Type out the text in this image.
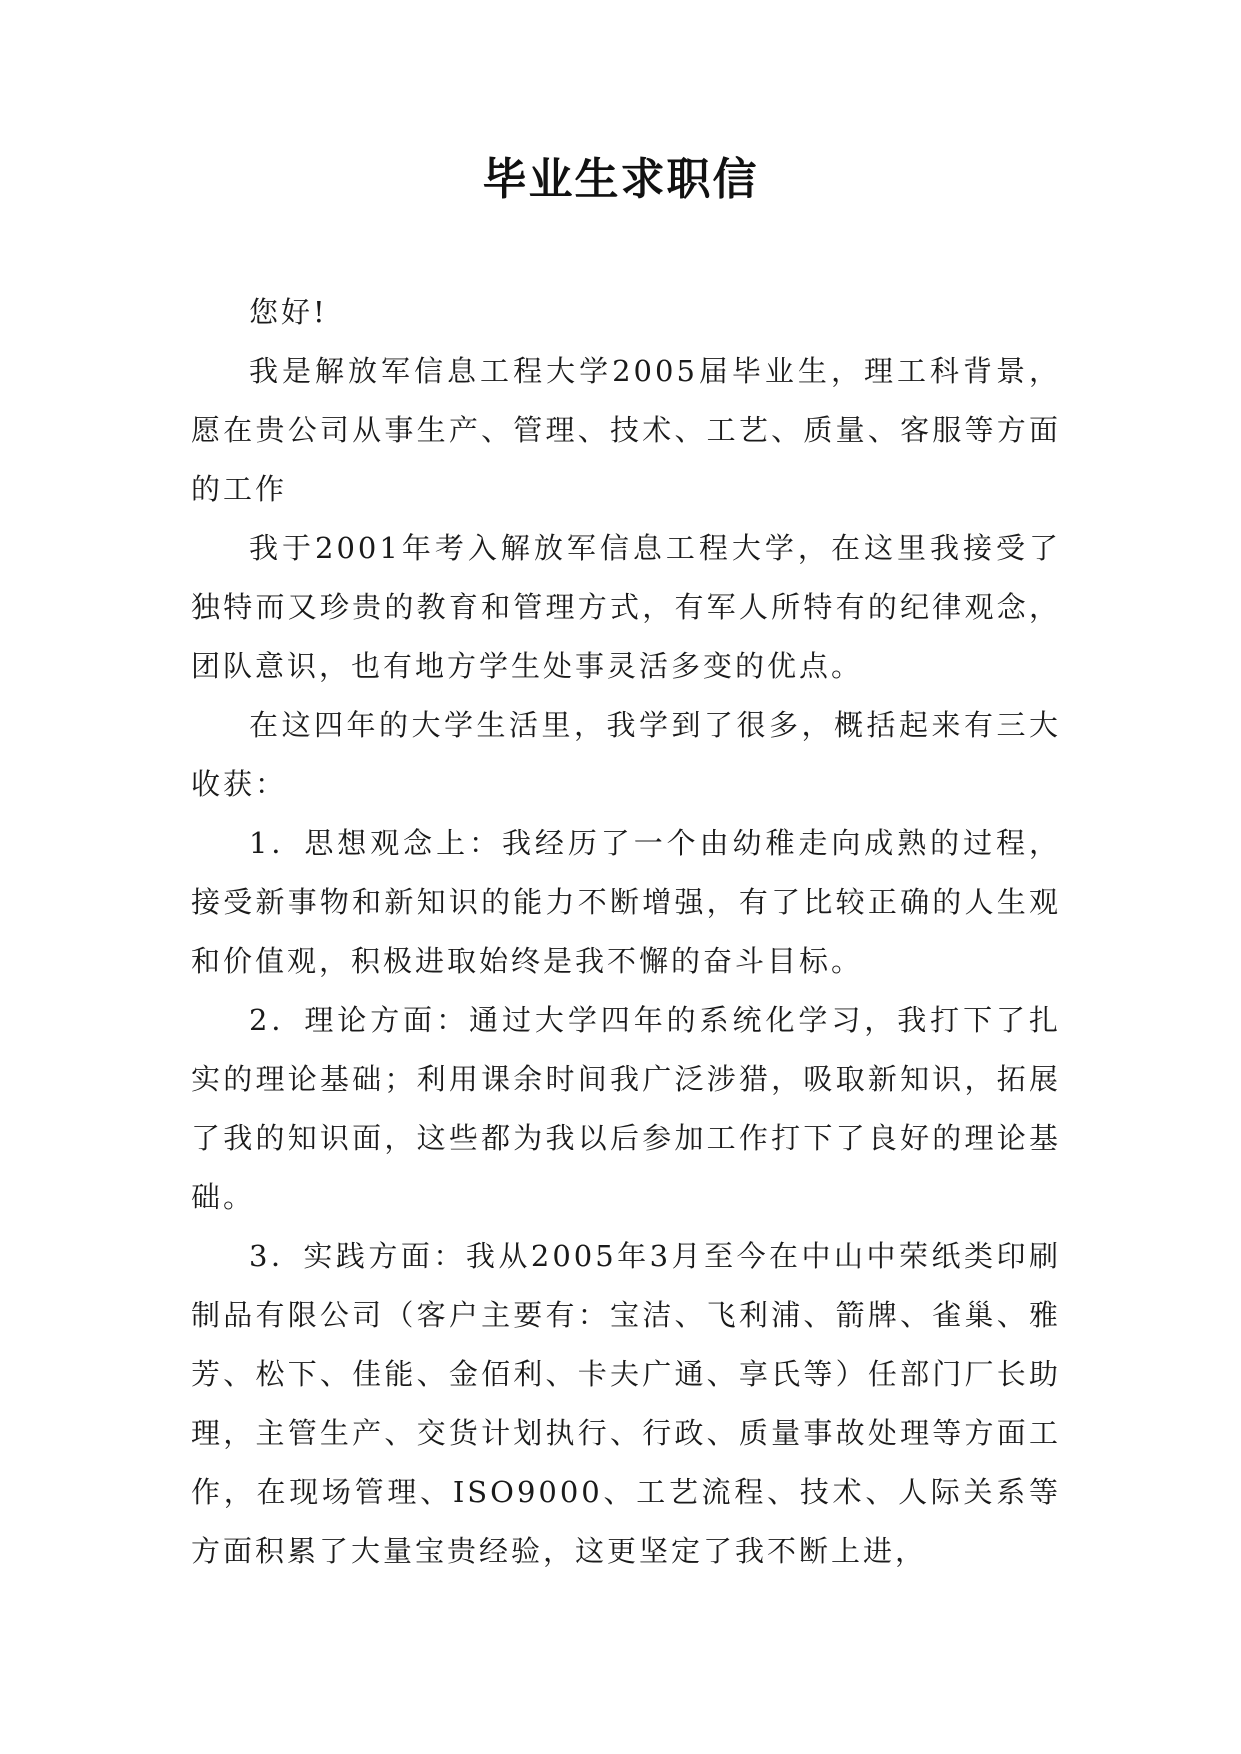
毕业生求职信

您好!

我是解放军信息工程大学2005届毕业生，理工科背景，愿在贵公司从事生产、管理、技术、工艺、质量、客服等方面的工作

我于2001年考入解放军信息工程大学，在这里我接受了独特而又珍贵的教育和管理方式，有军人所特有的纪律观念，团队意识，也有地方学生处事灵活多变的优点。

在这四年的大学生活里，我学到了很多，概括起来有三大收获：

1．思想观念上：我经历了一个由幼稚走向成熟的过程，接受新事物和新知识的能力不断增强，有了比较正确的人生观和价值观，积极进取始终是我不懈的奋斗目标。

2．理论方面：通过大学四年的系统化学习，我打下了扎实的理论基础；利用课余时间我广泛涉猎，吸取新知识，拓展了我的知识面，这些都为我以后参加工作打下了良好的理论基础。

3．实践方面：我从2005年3月至今在中山中荣纸类印刷制品有限公司（客户主要有：宝洁、飞利浦、箭牌、雀巢、雅芳、松下、佳能、金佰利、卡夫广通、享氏等）任部门厂长助理，主管生产、交货计划执行、行政、质量事故处理等方面工作，在现场管理、ISO9000、工艺流程、技术、人际关系等方面积累了大量宝贵经验，这更坚定了我不断上进，
